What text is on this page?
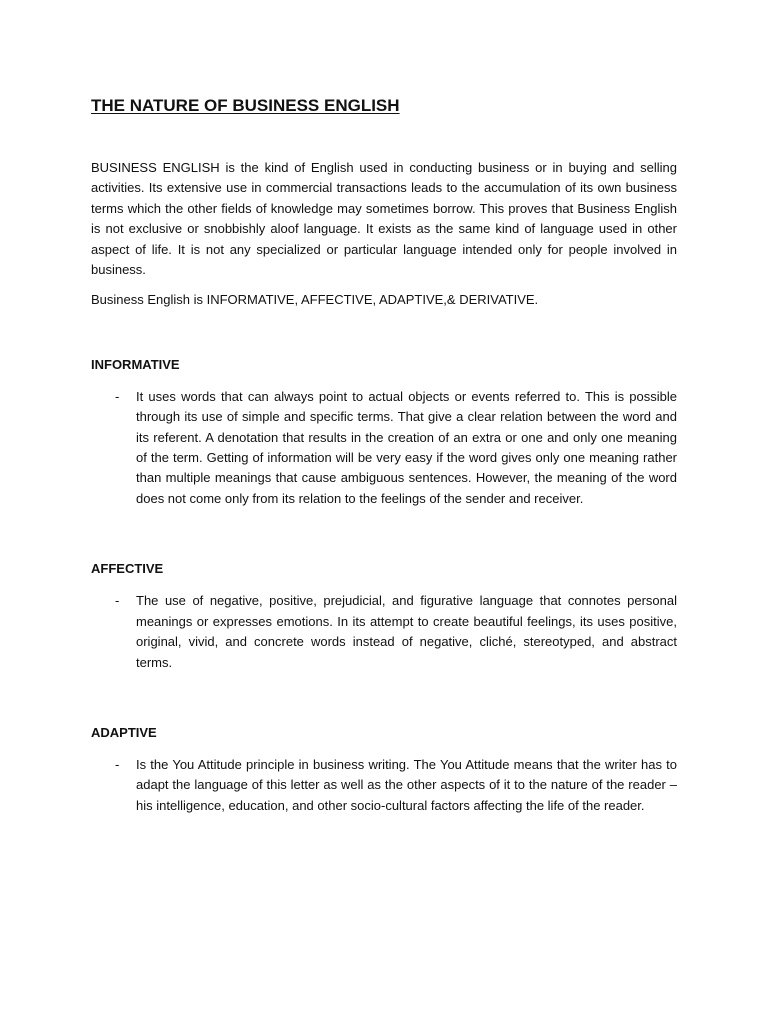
THE NATURE OF BUSINESS ENGLISH

BUSINESS ENGLISH is the kind of English used in conducting business or in buying and selling activities. Its extensive use in commercial transactions leads to the accumulation of its own business terms which the other fields of knowledge may sometimes borrow. This proves that Business English is not exclusive or snobbishly aloof language. It exists as the same kind of language used in other aspect of life. It is not any specialized or particular language intended only for people involved in business.

Business English is INFORMATIVE, AFFECTIVE, ADAPTIVE,& DERIVATIVE.

INFORMATIVE
-	It uses words that can always point to actual objects or events referred to. This is possible through its use of simple and specific terms. That give a clear relation between the word and its referent. A denotation that results in the creation of an extra or one and only one meaning of the term. Getting of information will be very easy if the word gives only one meaning rather than multiple meanings that cause ambiguous sentences. However, the meaning of the word does not come only from its relation to the feelings of the sender and receiver.
AFFECTIVE
-	The use of negative, positive, prejudicial, and figurative language that connotes personal meanings or expresses emotions. In its attempt to create beautiful feelings, its uses positive, original, vivid, and concrete words instead of negative, cliché, stereotyped, and abstract terms.
ADAPTIVE
-	Is the You Attitude principle in business writing. The You Attitude means that the writer has to adapt the language of this letter as well as the other aspects of it to the nature of the reader – his intelligence, education, and other socio-cultural factors affecting the life of the reader.
